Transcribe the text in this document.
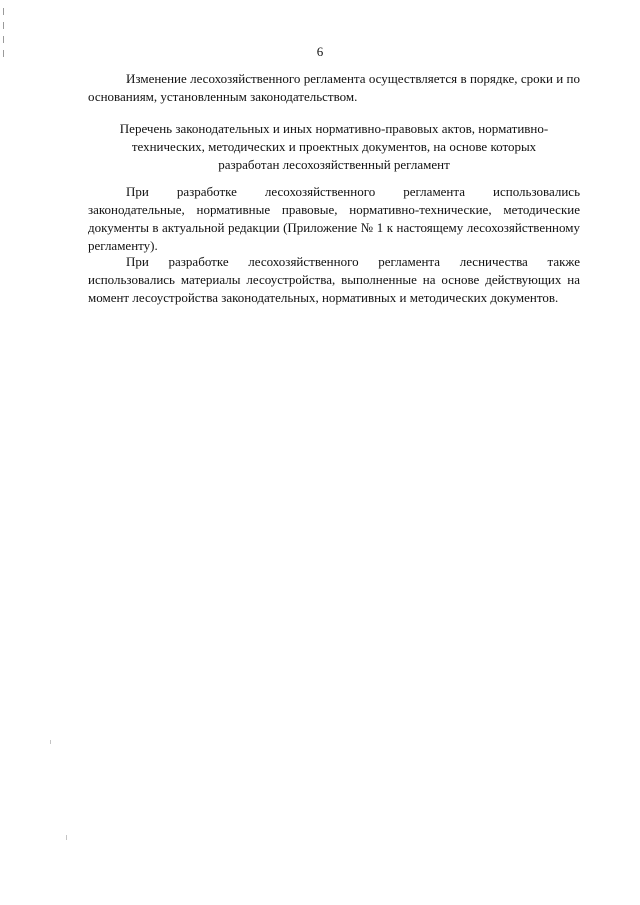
6

Изменение лесохозяйственного регламента осуществляется в порядке, сроки и по основаниям, установленным законодательством.

Перечень законодательных и иных нормативно-правовых актов, нормативно-
технических, методических и проектных документов, на основе которых
разработан лесохозяйственный регламент

При разработке лесохозяйственного регламента использовались законодательные, нормативные правовые, нормативно-технические, методические документы в актуальной редакции (Приложение № 1 к настоящему лесохозяйственному регламенту).

При разработке лесохозяйственного регламента лесничества также использовались материалы лесоустройства, выполненные на основе действующих на момент лесоустройства законодательных, нормативных и методических документов.
